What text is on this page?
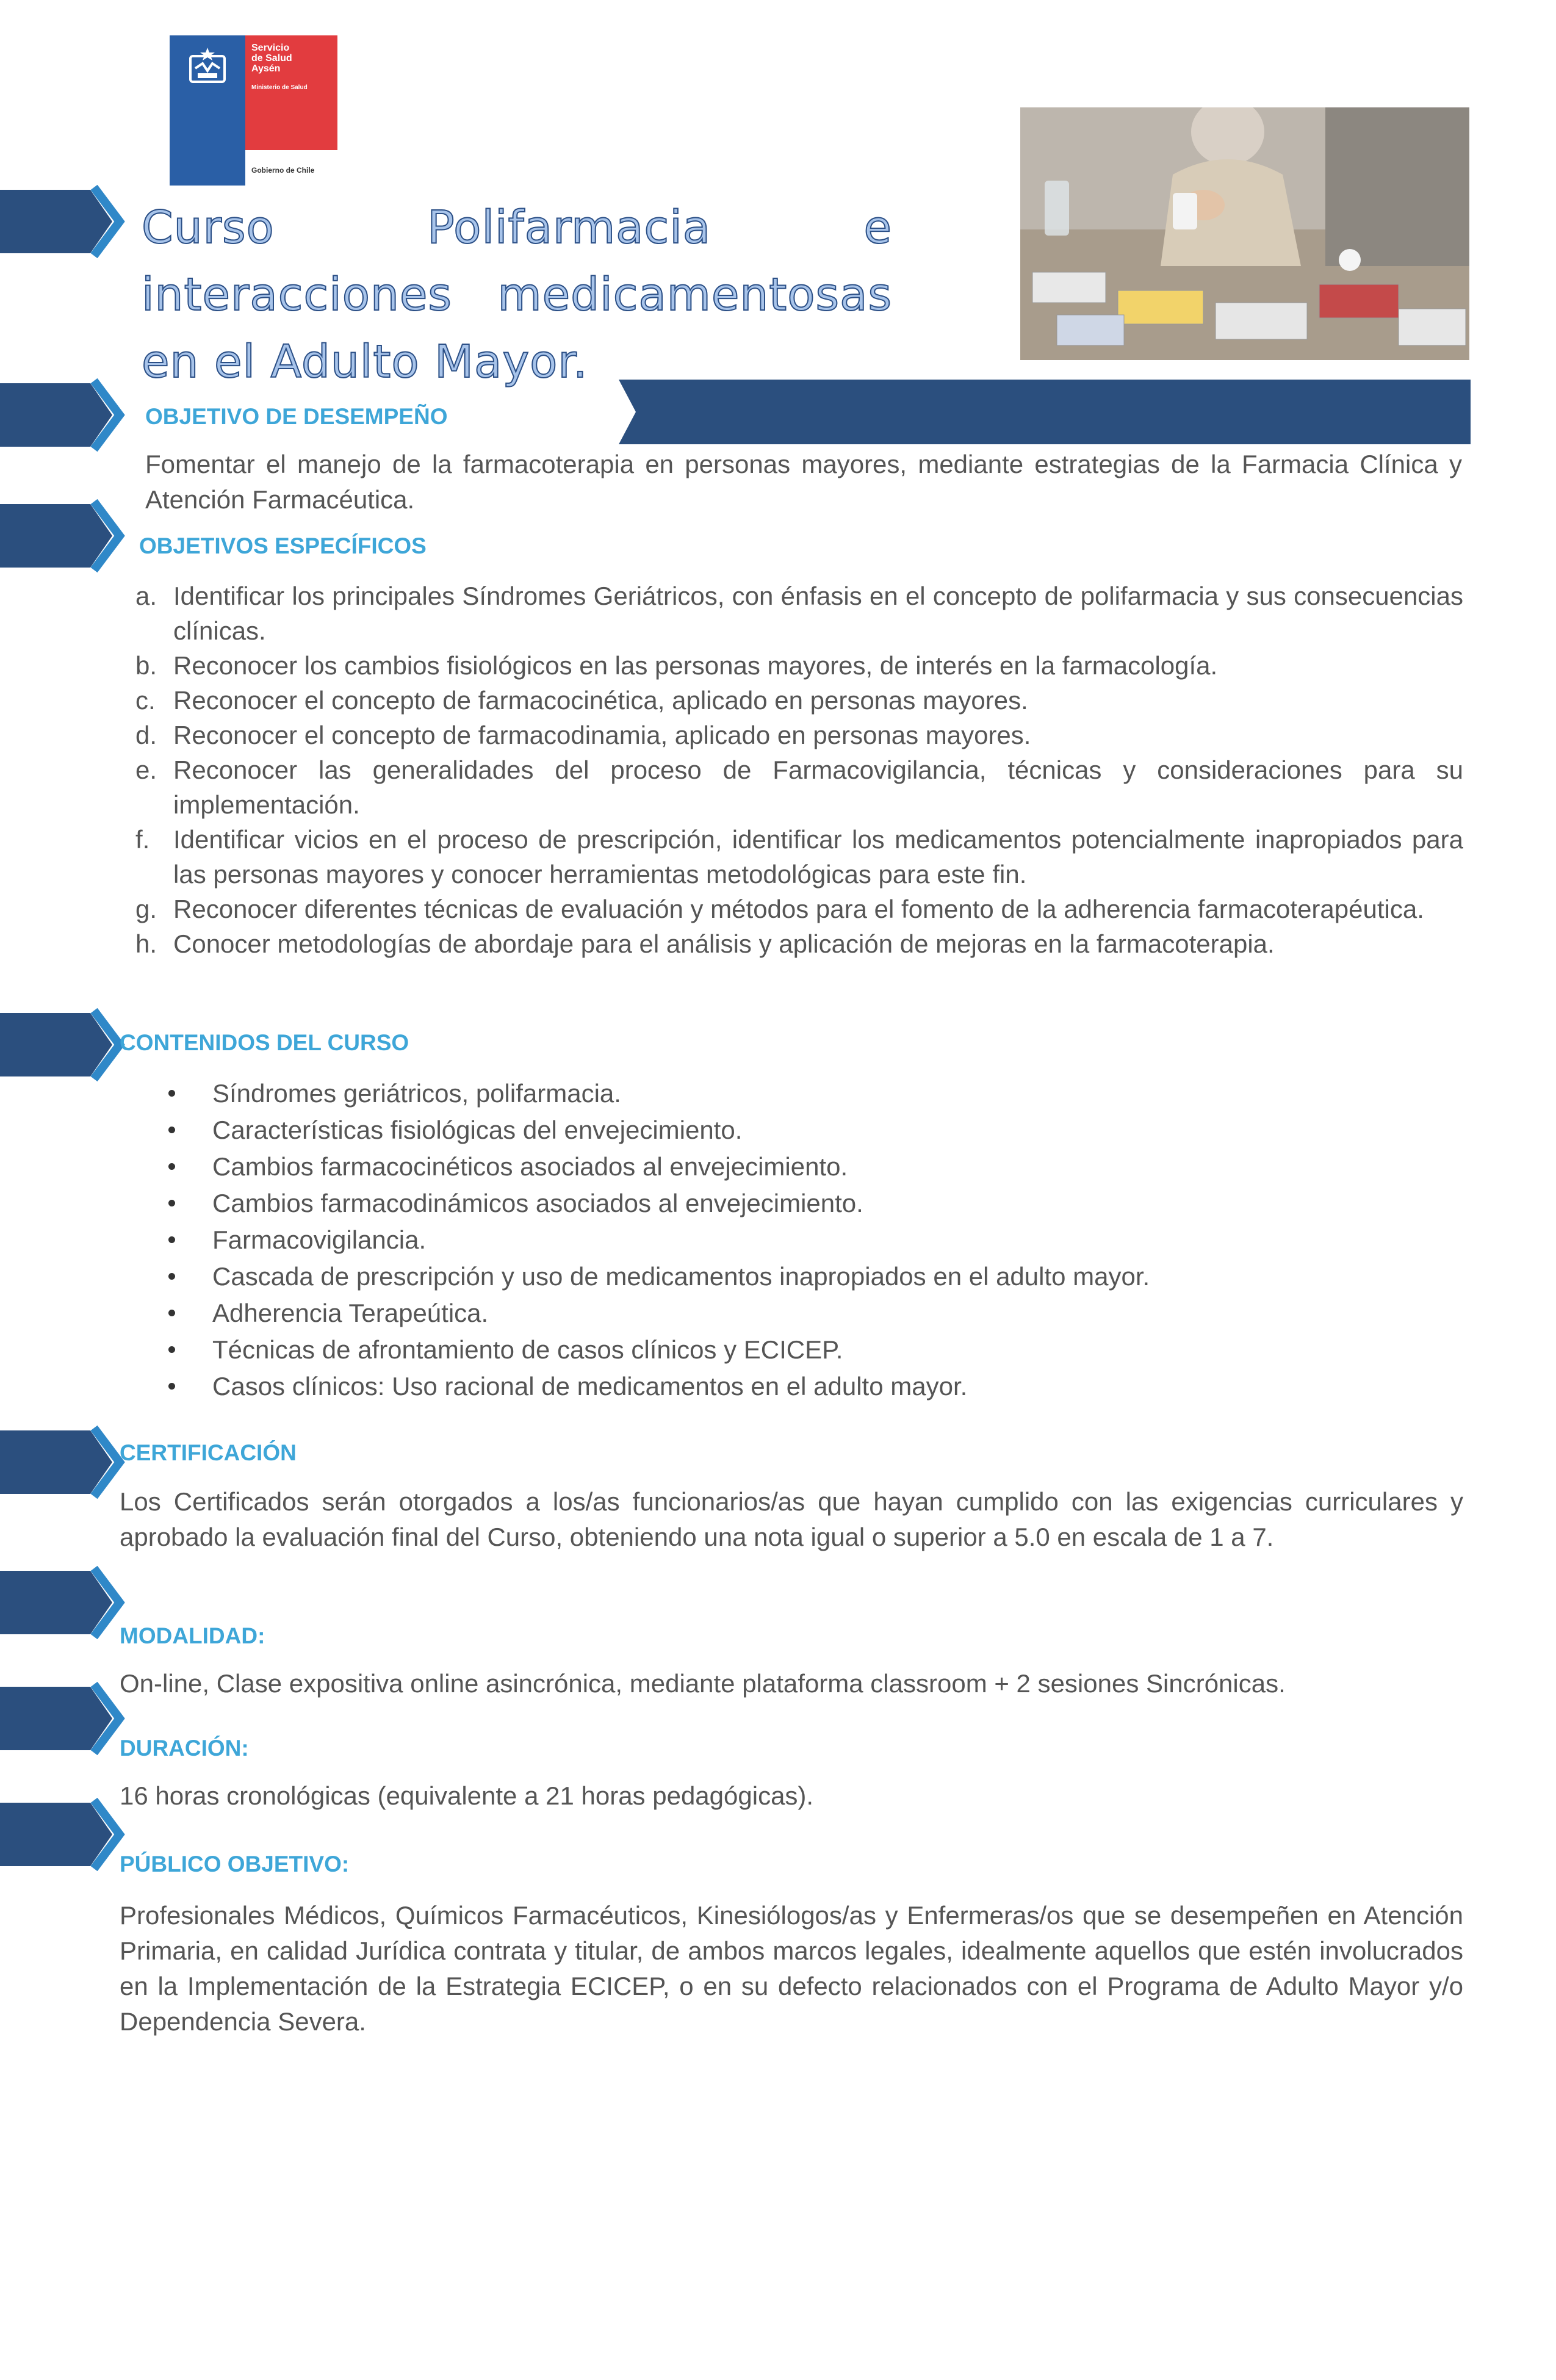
Servicio
de Salud
Aysén
Ministerio de Salud
Gobierno de Chile
Curso Polifarmacia e interacciones medicamentosas en el Adulto Mayor.
OBJETIVO DE DESEMPEÑO
Fomentar el manejo de la farmacoterapia en personas mayores, mediante estrategias de la Farmacia Clínica y Atención Farmacéutica.
OBJETIVOS ESPECÍFICOS
a. Identificar los principales Síndromes Geriátricos, con énfasis en el concepto de polifarmacia y sus consecuencias clínicas.
b. Reconocer los cambios fisiológicos en las personas mayores, de interés en la farmacología.
c. Reconocer el concepto de farmacocinética, aplicado en personas mayores.
d. Reconocer el concepto de farmacodinamia, aplicado en personas mayores.
e. Reconocer las generalidades del proceso de Farmacovigilancia, técnicas y consideraciones para su implementación.
f. Identificar vicios en el proceso de prescripción, identificar los medicamentos potencialmente inapropiados para las personas mayores y conocer herramientas metodológicas para este fin.
g. Reconocer diferentes técnicas de evaluación y métodos para el fomento de la adherencia farmacoterapéutica.
h. Conocer metodologías de abordaje para el análisis y aplicación de mejoras en la farmacoterapia.
CONTENIDOS DEL CURSO
Síndromes geriátricos, polifarmacia.
Características fisiológicas del envejecimiento.
Cambios farmacocinéticos asociados al envejecimiento.
Cambios farmacodinámicos asociados al envejecimiento.
Farmacovigilancia.
Cascada de prescripción y uso de medicamentos inapropiados en el adulto mayor.
Adherencia Terapeútica.
Técnicas de afrontamiento de casos clínicos y ECICEP.
Casos clínicos: Uso racional de medicamentos en el adulto mayor.
CERTIFICACIÓN
Los Certificados serán otorgados a los/as funcionarios/as que hayan cumplido con las exigencias curriculares y aprobado la evaluación final del Curso, obteniendo una nota igual o superior a 5.0 en escala de 1 a 7.
MODALIDAD:
On-line, Clase expositiva online asincrónica, mediante plataforma classroom + 2 sesiones Sincrónicas.
DURACIÓN:
16 horas cronológicas (equivalente a 21 horas pedagógicas).
PÚBLICO OBJETIVO:
Profesionales Médicos, Químicos Farmacéuticos, Kinesiólogos/as y Enfermeras/os que se desempeñen en Atención Primaria, en calidad Jurídica contrata y titular, de ambos marcos legales, idealmente aquellos que estén involucrados en la Implementación de la Estrategia ECICEP, o en su defecto relacionados con el Programa de Adulto Mayor y/o Dependencia Severa.
